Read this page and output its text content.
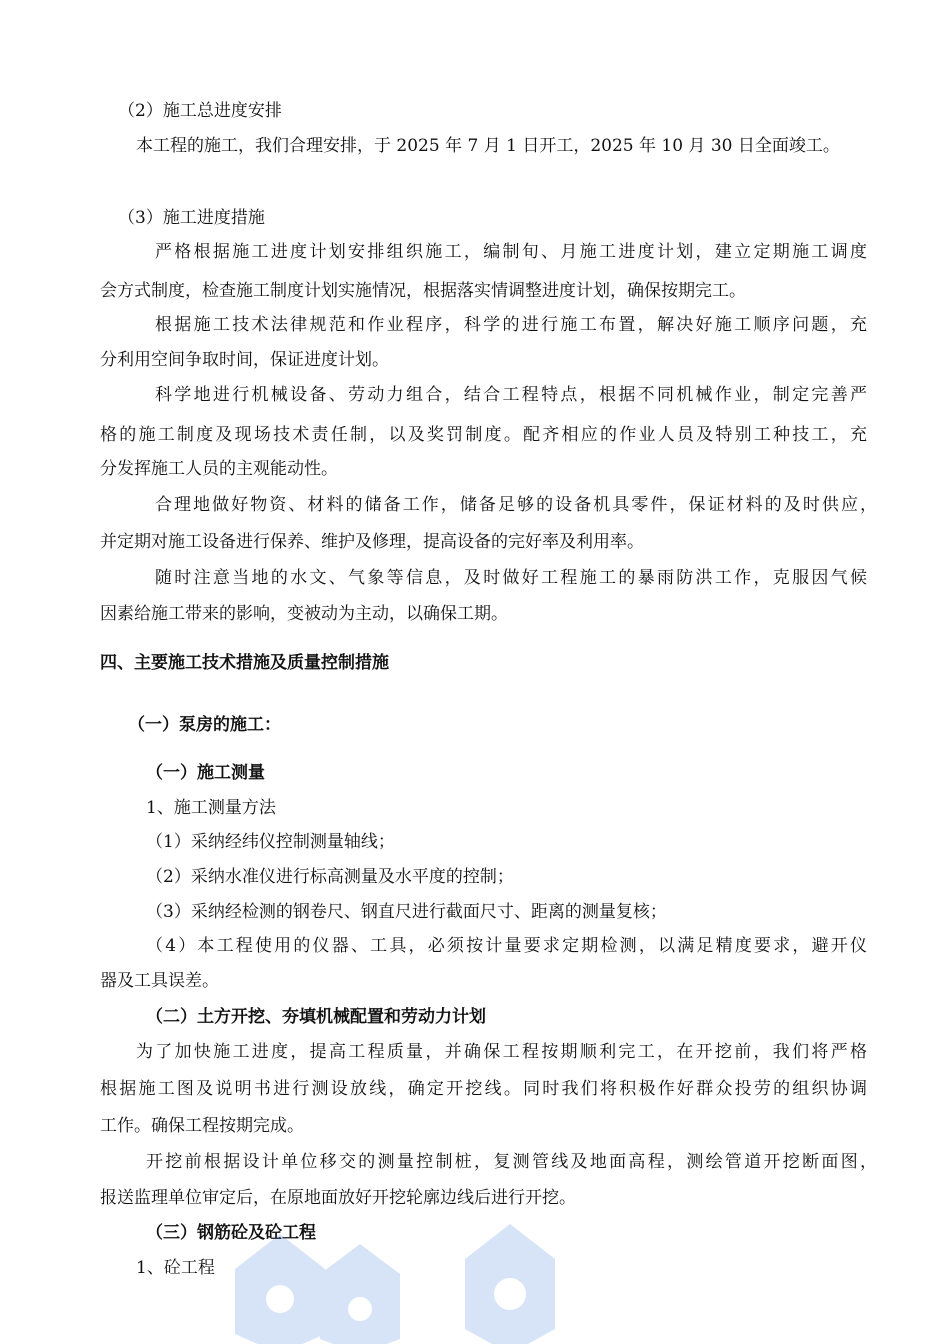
（2）施工总进度安排
本工程的施工，我们合理安排，于 2025 年 7 月 1 日开工，2025 年 10 月 30 日全面竣工。
（3）施工进度措施
严格根据施工进度计划安排组织施工，编制旬、月施工进度计划，建立定期施工调度
会方式制度，检查施工制度计划实施情况，根据落实情调整进度计划，确保按期完工。
根据施工技术法律规范和作业程序，科学的进行施工布置，解决好施工顺序问题，充
分利用空间争取时间，保证进度计划。
科学地进行机械设备、劳动力组合，结合工程特点，根据不同机械作业，制定完善严
格的施工制度及现场技术责任制，以及奖罚制度。配齐相应的作业人员及特别工种技工，充
分发挥施工人员的主观能动性。
合理地做好物资、材料的储备工作，储备足够的设备机具零件，保证材料的及时供应，
并定期对施工设备进行保养、维护及修理，提高设备的完好率及利用率。
随时注意当地的水文、气象等信息，及时做好工程施工的暴雨防洪工作，克服因气候
因素给施工带来的影响，变被动为主动，以确保工期。
四、主要施工技术措施及质量控制措施
（一）泵房的施工：
（一）施工测量
1、施工测量方法
（1）采纳经纬仪控制测量轴线；
（2）采纳水准仪进行标高测量及水平度的控制；
（3）采纳经检测的钢卷尺、钢直尺进行截面尺寸、距离的测量复核；
（4）本工程使用的仪器、工具，必须按计量要求定期检测，以满足精度要求，避开仪
器及工具误差。
（二）土方开挖、夯填机械配置和劳动力计划
为了加快施工进度，提高工程质量，并确保工程按期顺利完工，在开挖前，我们将严格
根据施工图及说明书进行测设放线，确定开挖线。同时我们将积极作好群众投劳的组织协调
工作。确保工程按期完成。
开挖前根据设计单位移交的测量控制桩，复测管线及地面高程，测绘管道开挖断面图，
报送监理单位审定后，在原地面放好开挖轮廓边线后进行开挖。
（三）钢筋砼及砼工程
1、砼工程
